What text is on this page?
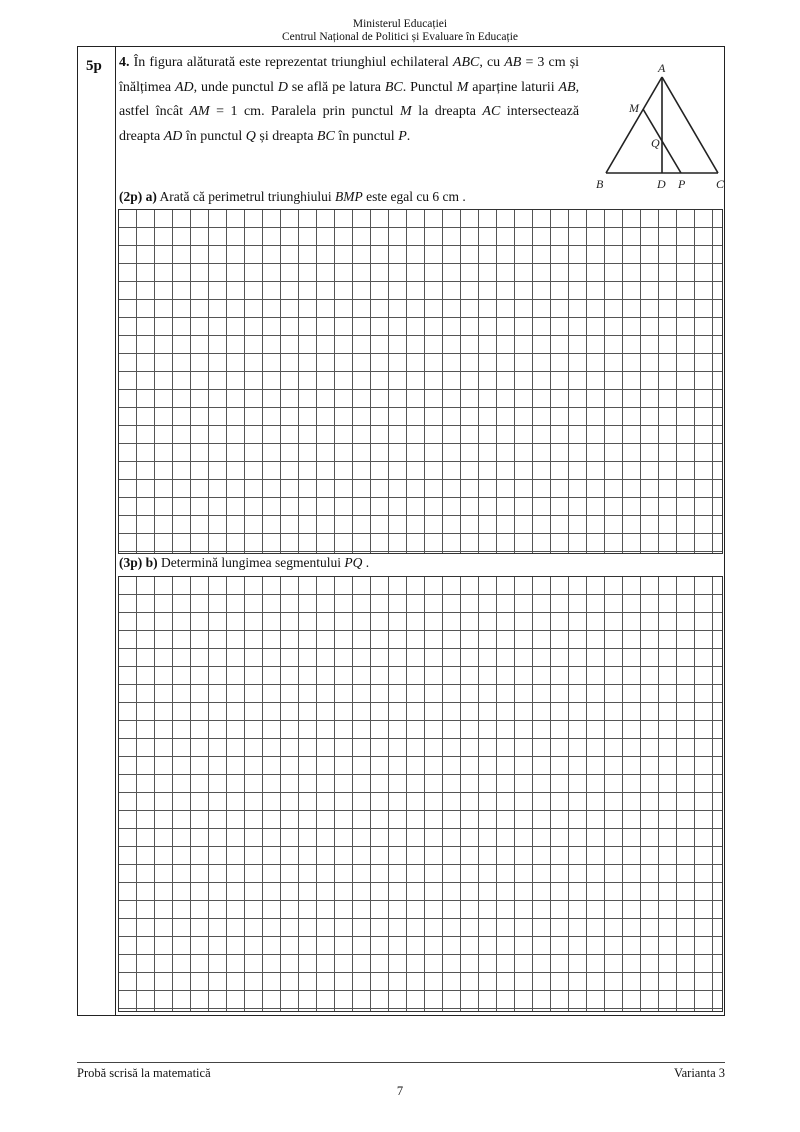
Ministerul Educației
Centrul Național de Politici și Evaluare în Educație
5p 4. În figura alăturată este reprezentat triunghiul echilateral ABC, cu AB = 3 cm și înălțimea AD, unde punctul D se află pe latura BC. Punctul M aparține laturii AB, astfel încât AM = 1 cm. Paralela prin punctul M la dreapta AC intersectează dreapta AD în punctul Q și dreapta BC în punctul P.
A
M
Q
B	D P	C
(2p) a) Arată că perimetrul triunghiului BMP este egal cu 6 cm .
(3p) b) Determină lungimea segmentului PQ .
Probă scrisă la matematică	Varianta 3
7
